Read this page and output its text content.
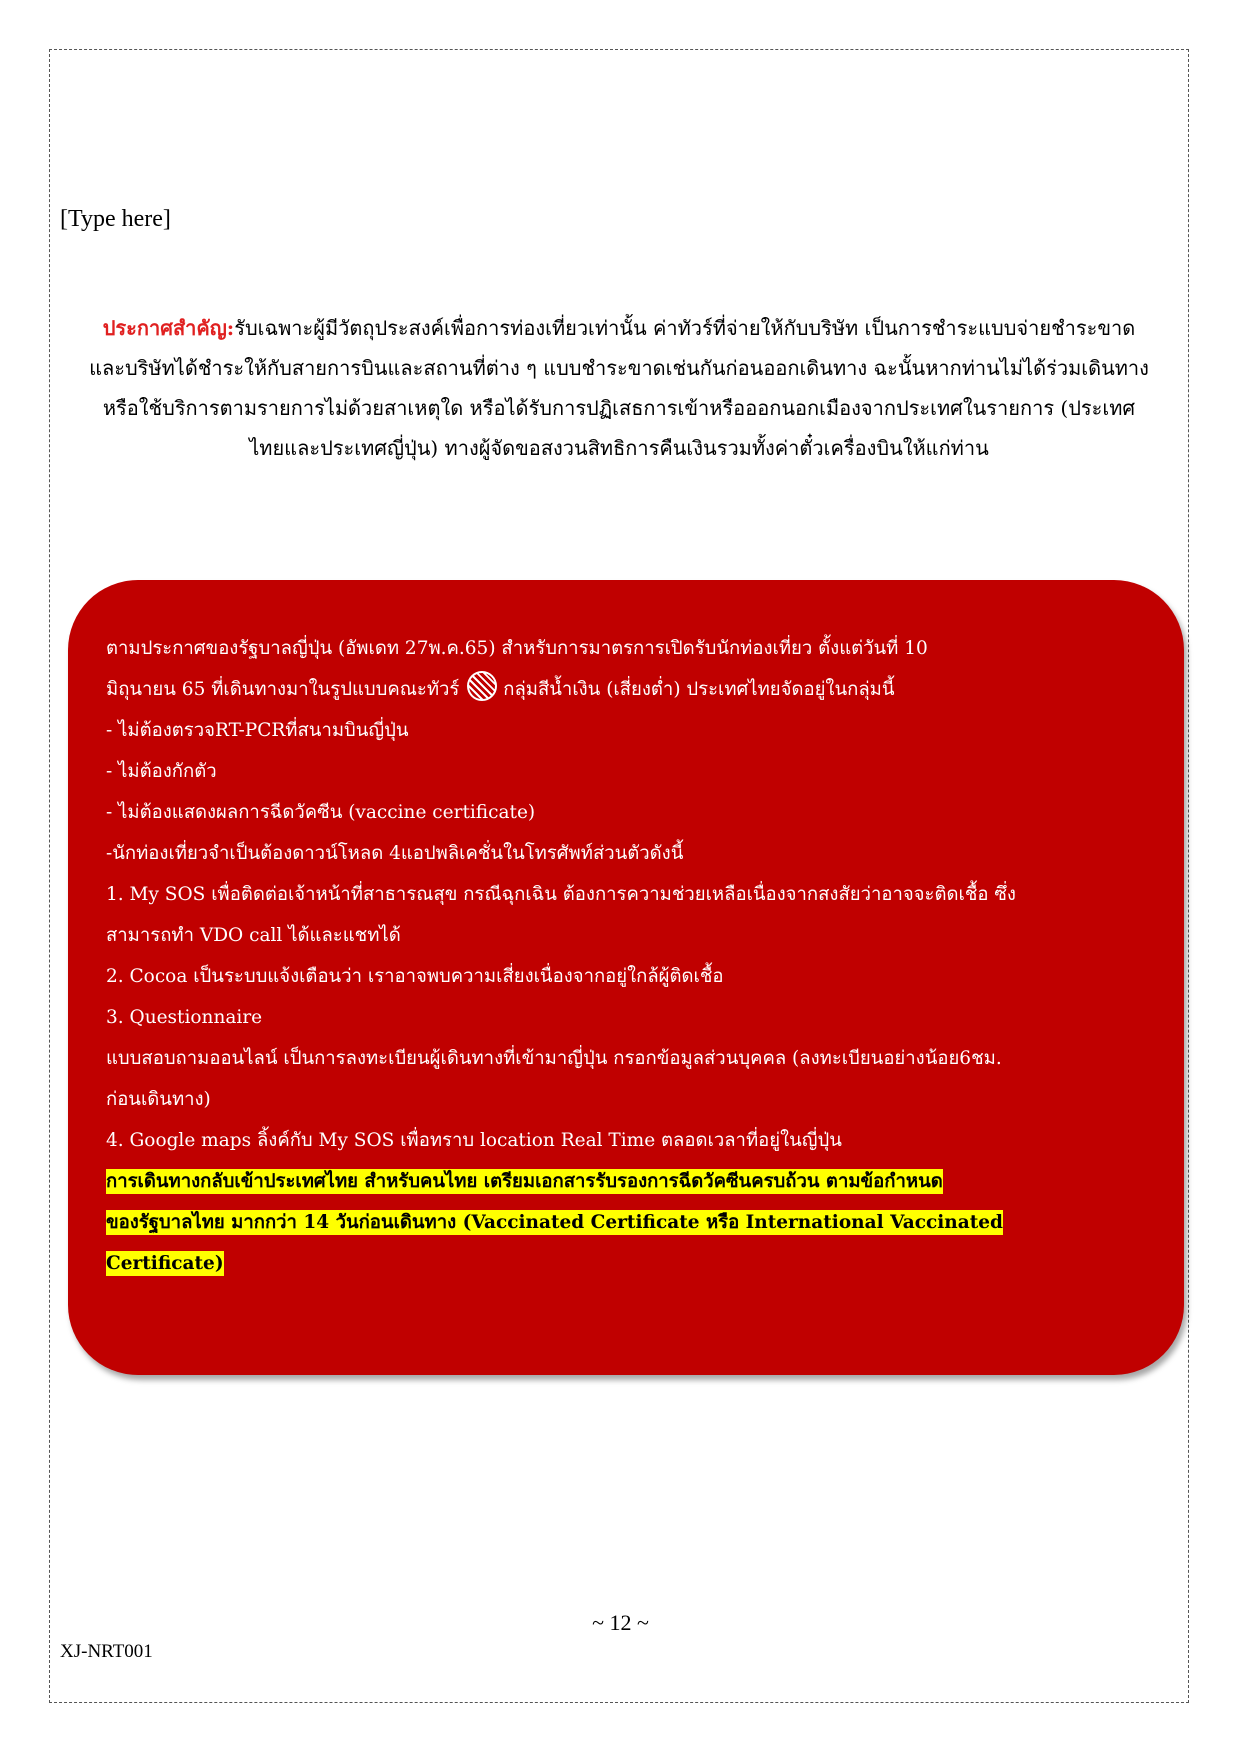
[Type here]
ประกาศสำคัญ:รับเฉพาะผู้มีวัตถุประสงค์เพื่อการท่องเที่ยวเท่านั้น ค่าทัวร์ที่จ่ายให้กับบริษัท เป็นการชำระแบบจ่ายชำระขาด
และบริษัทได้ชำระให้กับสายการบินและสถานที่ต่าง ๆ แบบชำระขาดเช่นกันก่อนออกเดินทาง ฉะนั้นหากท่านไม่ได้ร่วมเดินทาง
หรือใช้บริการตามรายการไม่ด้วยสาเหตุใด หรือได้รับการปฏิเสธการเข้าหรือออกนอกเมืองจากประเทศในรายการ (ประเทศ
ไทยและประเทศญี่ปุ่น) ทางผู้จัดขอสงวนสิทธิการคืนเงินรวมทั้งค่าตั๋วเครื่องบินให้แก่ท่าน
ตามประกาศของรัฐบาลญี่ปุ่น (อัพเดท 27พ.ค.65) สำหรับการมาตรการเปิดรับนักท่องเที่ยว ตั้งแต่วันที่ 10
มิถุนายน 65 ที่เดินทางมาในรูปแบบคณะทัวร์ กลุ่มสีน้ำเงิน (เสี่ยงต่ำ) ประเทศไทยจัดอยู่ในกลุ่มนี้
- ไม่ต้องตรวจRT-PCRที่สนามบินญี่ปุ่น
- ไม่ต้องกักตัว
- ไม่ต้องแสดงผลการฉีดวัคซีน (vaccine certificate)
-นักท่องเที่ยวจำเป็นต้องดาวน์โหลด 4แอปพลิเคชั่นในโทรศัพท์ส่วนตัวดังนี้
1. My SOS เพื่อติดต่อเจ้าหน้าที่สาธารณสุข กรณีฉุกเฉิน ต้องการความช่วยเหลือเนื่องจากสงสัยว่าอาจจะติดเชื้อ ซึ่ง
สามารถทำ VDO call ได้และแชทได้
2. Cocoa เป็นระบบแจ้งเตือนว่า เราอาจพบความเสี่ยงเนื่องจากอยู่ใกล้ผู้ติดเชื้อ
3. Questionnaire
แบบสอบถามออนไลน์ เป็นการลงทะเบียนผู้เดินทางที่เข้ามาญี่ปุ่น กรอกข้อมูลส่วนบุคคล (ลงทะเบียนอย่างน้อย6ชม.
ก่อนเดินทาง)
4. Google maps ลิ้งค์กับ My SOS เพื่อทราบ location Real Time ตลอดเวลาที่อยู่ในญี่ปุ่น
การเดินทางกลับเข้าประเทศไทย สำหรับคนไทย เตรียมเอกสารรับรองการฉีดวัคซีนครบถ้วน ตามข้อกำหนด
ของรัฐบาลไทย มากกว่า 14 วันก่อนเดินทาง (Vaccinated Certificate หรือ International Vaccinated
Certificate)
~ 12 ~
XJ-NRT001
